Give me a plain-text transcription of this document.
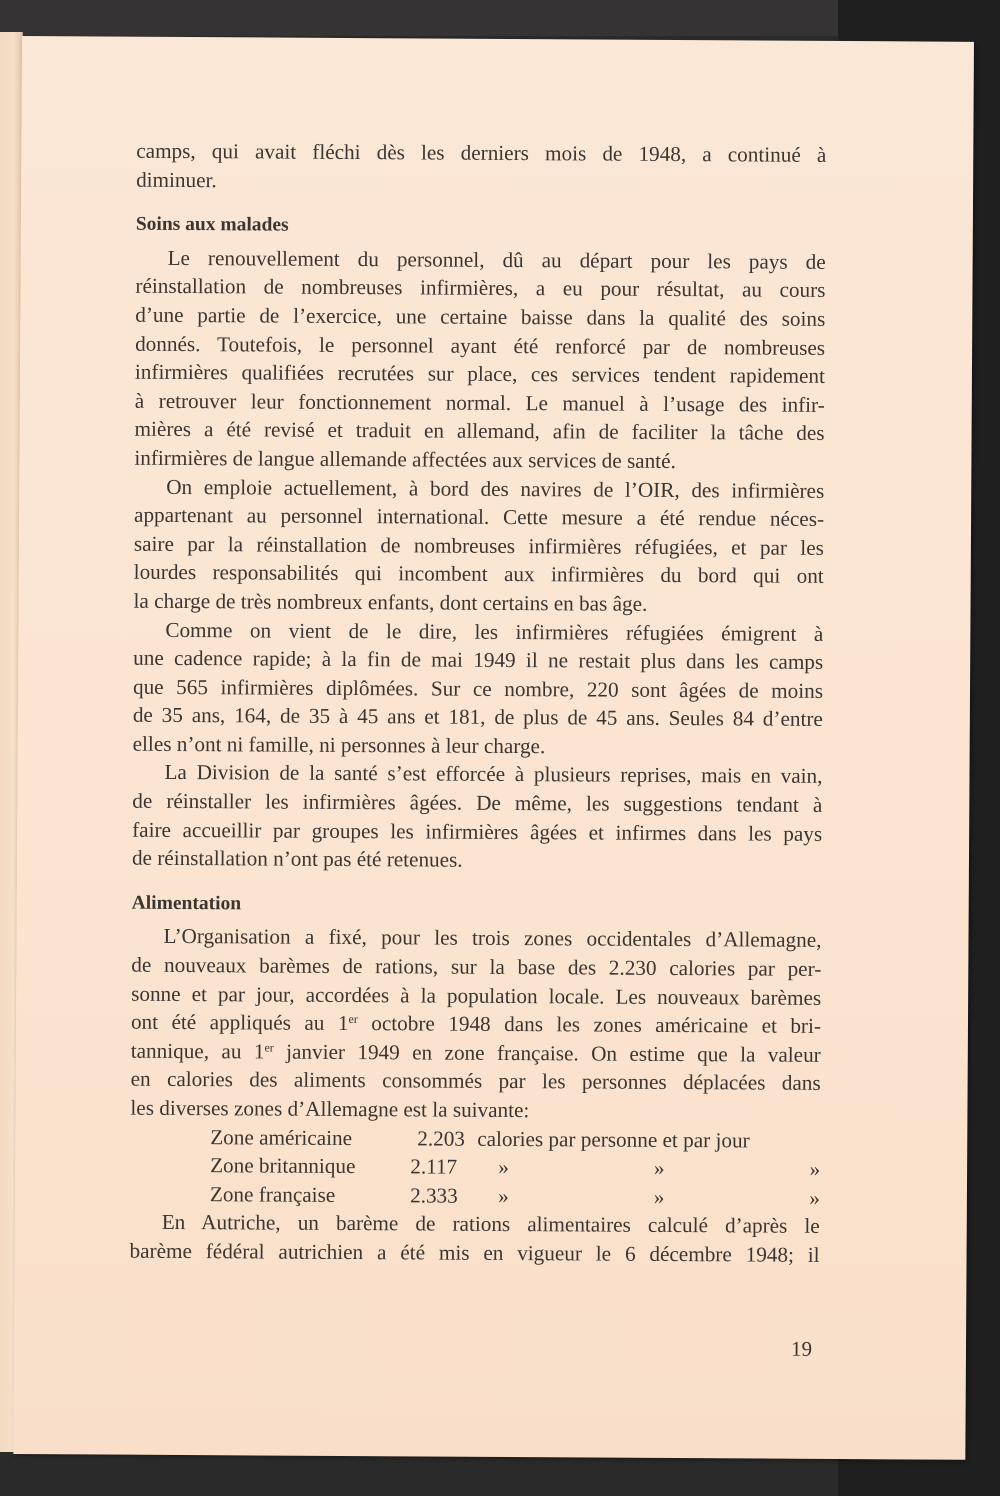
camps, qui avait fléchi dès les derniers mois de 1948, a continué à
diminuer.
Soins aux malades
Le renouvellement du personnel, dû au départ pour les pays de
réinstallation de nombreuses infirmières, a eu pour résultat, au cours
d’une partie de l’exercice, une certaine baisse dans la qualité des soins
donnés. Toutefois, le personnel ayant été renforcé par de nombreuses
infirmières qualifiées recrutées sur place, ces services tendent rapidement
à retrouver leur fonctionnement normal. Le manuel à l’usage des infir-
mières a été revisé et traduit en allemand, afin de faciliter la tâche des
infirmières de langue allemande affectées aux services de santé.
On emploie actuellement, à bord des navires de l’OIR, des infirmières
appartenant au personnel international. Cette mesure a été rendue néces-
saire par la réinstallation de nombreuses infirmières réfugiées, et par les
lourdes responsabilités qui incombent aux infirmières du bord qui ont
la charge de très nombreux enfants, dont certains en bas âge.
Comme on vient de le dire, les infirmières réfugiées émigrent à
une cadence rapide; à la fin de mai 1949 il ne restait plus dans les camps
que 565 infirmières diplômées. Sur ce nombre, 220 sont âgées de moins
de 35 ans, 164, de 35 à 45 ans et 181, de plus de 45 ans. Seules 84 d’entre
elles n’ont ni famille, ni personnes à leur charge.
La Division de la santé s’est efforcée à plusieurs reprises, mais en vain,
de réinstaller les infirmières âgées. De même, les suggestions tendant à
faire accueillir par groupes les infirmières âgées et infirmes dans les pays
de réinstallation n’ont pas été retenues.
Alimentation
L’Organisation a fixé, pour les trois zones occidentales d’Allemagne,
de nouveaux barèmes de rations, sur la base des 2.230 calories par per-
sonne et par jour, accordées à la population locale. Les nouveaux barèmes
ont été appliqués au 1er octobre 1948 dans les zones américaine et bri-
tannique, au 1er janvier 1949 en zone française. On estime que la valeur
en calories des aliments consommés par les personnes déplacées dans
les diverses zones d’Allemagne est la suivante:
Zone américaine	2.203 calories par personne et par jour
Zone britannique	2.117	»	»	»
Zone française	2.333	»	»	»
En Autriche, un barème de rations alimentaires calculé d’après le
barème fédéral autrichien a été mis en vigueur le 6 décembre 1948; il
19
